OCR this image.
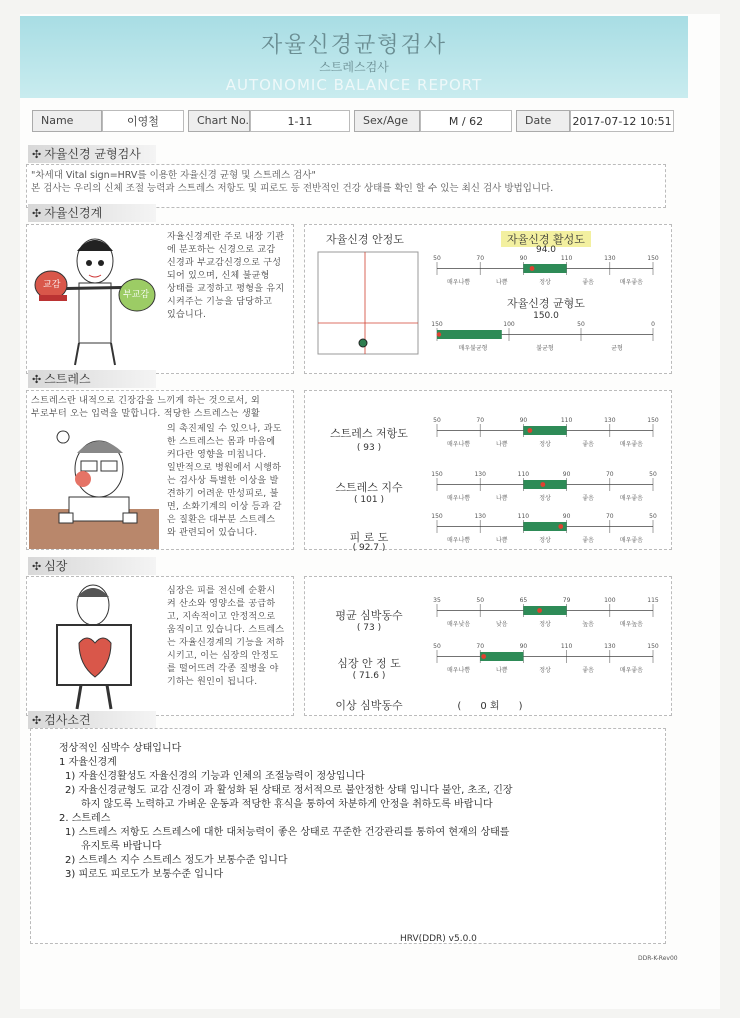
자율신경균형검사
스트레스검사
AUTONOMIC BALANCE REPORT
Name	이영철	Chart No.	1-11	Sex/Age	M / 62	Date	2017-07-12 10:51
✣ 자율신경 균형검사
"차세대 Vital sign=HRV를 이용한 자율신경 균형 및 스트레스 검사"
본 검사는 우리의 신체 조절 능력과 스트레스 저항도 및 피로도 등 전반적인 건강 상태를 확인 할 수 있는 최신 검사 방법입니다.
✣ 자율신경계
교감
부교감
자율신경계란 주로 내장 기관
에 분포하는 신경으로 교감
신경과 부교감신경으로 구성
되어 있으며, 신체 불균형
상태를 교정하고 평형을 유지
시켜주는 기능을 담당하고
있습니다.
자율신경 안정도	자율신경 활성도
94.0
50	70	90	110	130	150
매우나쁨	나쁨	정상	좋음	매우좋음
자율신경 균형도
150.0
150	100	50	0
매우불균형	불균형	균형
✣ 스트레스
스트레스란 내적으로 긴장감을 느끼게 하는 것으로서, 외
부로부터 오는 입력을 말합니다. 적당한 스트레스는 생활
의 촉진제일 수 있으나, 과도
한 스트레스는 몸과 마음에
커다란 영향을 미칩니다.
일반적으로 병원에서 시행하
는 검사상 특별한 이상을 발
견하기 어려운 만성피로, 불
면, 소화기계의 이상 등과 같
은 질환은 대부분 스트레스
와 관련되어 있습니다.
스트레스 저항도
( 93 )
50	70	90	110	130	150
매우나쁨	나쁨	정상	좋음	매우좋음
스트레스 지수
( 101 )
150	130	110	90	70	50
매우나쁨	나쁨	정상	좋음	매우좋음
피 로 도
( 92.7 )
150	130	110	90	70	50
매우나쁨	나쁨	정상	좋음	매우좋음
✣ 심장
심장은 피를 전신에 순환시
켜 산소와 영양소를 공급하
고, 지속적이고 안정적으로
움직이고 있습니다. 스트레스
는 자율신경계의 기능을 저하
시키고, 이는 심장의 안정도
를 떨어뜨려 각종 질병을 야
기하는 원인이 됩니다.
평균 심박동수
( 73 )
35	50	65	79	100	115
매우낮음	낮음	정상	높음	매우높음
심장 안 정 도
( 71.6 )
50	70	90	110	130	150
매우나쁨	나쁨	정상	좋음	매우좋음
이상 심박동수	(      0 회      )
✣ 검사소견
정상적인 심박수 상태입니다
1 자율신경계
1) 자율신경활성도 자율신경의 기능과 인체의 조절능력이 정상입니다
2) 자율신경균형도 교감 신경이 과 활성화 된 상태로 정서적으로 불안정한 상태 입니다 불안, 초조, 긴장
하지 않도록 노력하고 가벼운 운동과 적당한 휴식을 통하여 차분하게 안정을 취하도록 바랍니다
2. 스트레스
1) 스트레스 저항도 스트레스에 대한 대처능력이 좋은 상태로 꾸준한 건강관리를 통하여 현재의 상태를
유지토록 바랍니다
2) 스트레스 지수 스트레스 정도가 보통수준 입니다
3) 피로도 피로도가 보통수준 입니다
HRV(DDR) v5.0.0
DDR-K-Rev00
